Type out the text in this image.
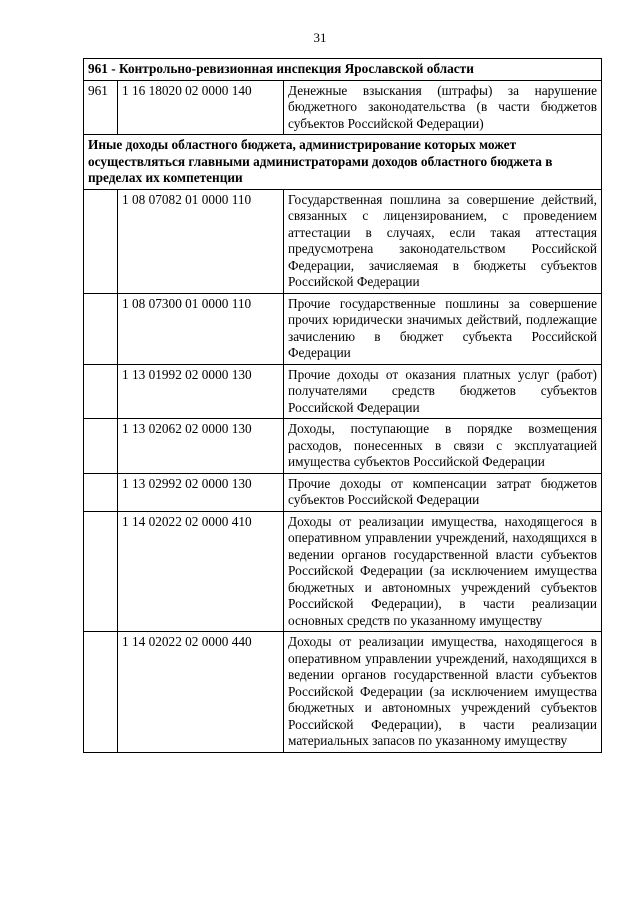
31
961 - Контрольно-ревизионная инспекция Ярославской области		
961	1 16 18020 02 0000 140	Денежные взыскания (штрафы) за нарушение бюджетного законодательства (в части бюджетов субъектов Российской Федерации)
Иные доходы областного бюджета, администрирование которых может осуществляться главными администраторами доходов областного бюджета в пределах их компетенции		
	1 08 07082 01 0000 110	Государственная пошлина за совершение действий, связанных с лицензированием, с проведением аттестации в случаях, если такая аттестация предусмотрена законодательством Российской Федерации, зачисляемая в бюджеты субъектов Российской Федерации
	1 08 07300 01 0000 110	Прочие государственные пошлины за совершение прочих юридически значимых действий, подлежащие зачислению в бюджет субъекта Российской Федерации
	1 13 01992 02 0000 130	Прочие доходы от оказания платных услуг (работ) получателями средств бюджетов субъектов Российской Федерации
	1 13 02062 02 0000 130	Доходы, поступающие в порядке возмещения расходов, понесенных в связи с эксплуатацией имущества субъектов Российской Федерации
	1 13 02992 02 0000 130	Прочие доходы от компенсации затрат бюджетов субъектов Российской Федерации
	1 14 02022 02 0000 410	Доходы от реализации имущества, находящегося в оперативном управлении учреждений, находящихся в ведении органов государственной власти субъектов Российской Федерации (за исключением имущества бюджетных и автономных учреждений субъектов Российской Федерации), в части реализации основных средств по указанному имуществу
	1 14 02022 02 0000 440	Доходы от реализации имущества, находящегося в оперативном управлении учреждений, находящихся в ведении органов государственной власти субъектов Российской Федерации (за исключением имущества бюджетных и автономных учреждений субъектов Российской Федерации), в части реализации материальных запасов по указанному имуществу
